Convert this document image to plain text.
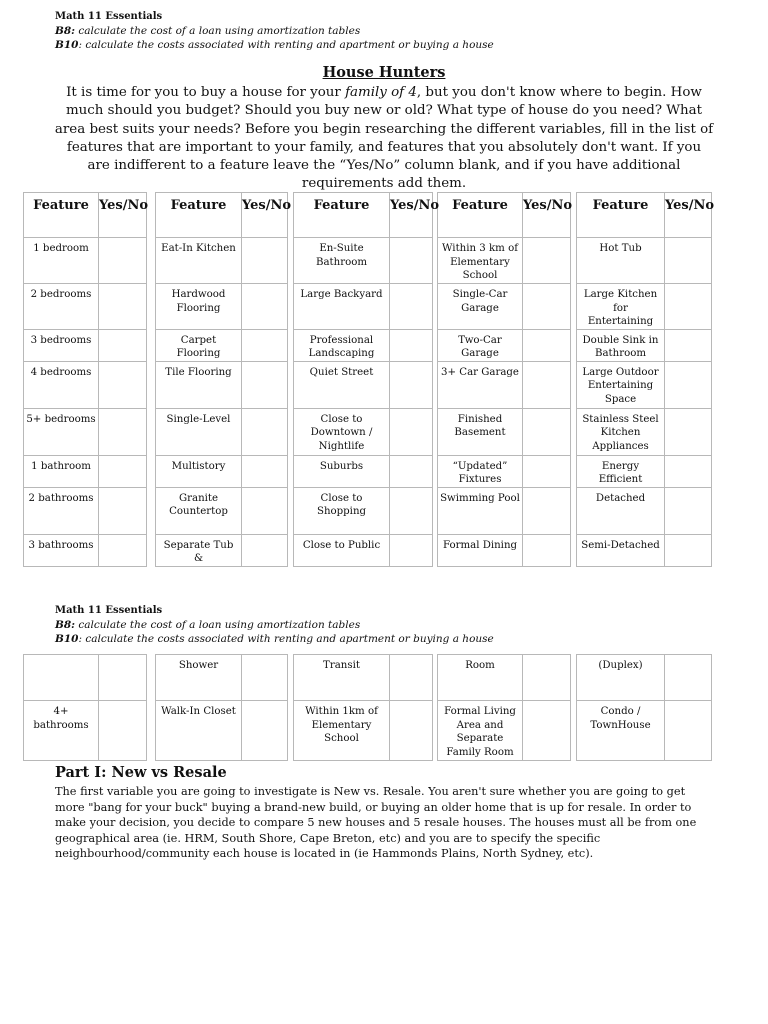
Math 11 Essentials
B8: calculate the cost of a loan using amortization tables
B10: calculate the costs associated with renting and apartment or buying a house
House Hunters
It is time for you to buy a house for your family of 4, but you don't know where to begin. How much should you budget? Should you buy new or old? What type of house do you need? What area best suits your needs? Before you begin researching the different variables, fill in the list of features that are important to your family, and features that you absolutely don't want. If you are indifferent to a feature leave the “Yes/No” column blank, and if you have additional requirements add them.
Feature	Yes/No		Feature	Yes/No		Feature	Yes/No		Feature	Yes/No		Feature	Yes/No
1 bedroom			Eat-In Kitchen			En-Suite Bathroom			Within 3 km of Elementary School			Hot Tub	
2 bedrooms			Hardwood Flooring			Large Backyard			Single-Car Garage			Large Kitchen for Entertaining	
3 bedrooms			Carpet Flooring			Professional Landscaping			Two-Car Garage			Double Sink in Bathroom	
4 bedrooms			Tile Flooring			Quiet Street			3+ Car Garage			Large Outdoor Entertaining Space	
5+ bedrooms			Single-Level			Close to Downtown / Nightlife			Finished Basement			Stainless Steel Kitchen Appliances	
1 bathroom			Multistory			Suburbs			“Updated” Fixtures			Energy Efficient	
2 bathrooms			Granite Countertop			Close to Shopping			Swimming Pool			Detached	
3 bathrooms			Separate Tub &			Close to Public			Formal Dining			Semi-Detached	
Math 11 Essentials
B8: calculate the cost of a loan using amortization tables
B10: calculate the costs associated with renting and apartment or buying a house
			Shower			Transit			Room			(Duplex)	
4+ bathrooms			Walk-In Closet			Within 1km of Elementary School			Formal Living Area and Separate Family Room			Condo / TownHouse	
Part I: New vs Resale
The first variable you are going to investigate is New vs. Resale. You aren't sure whether you are going to get more "bang for your buck" buying a brand-new build, or buying an older home that is up for resale. In order to make your decision, you decide to compare 5 new houses and 5 resale houses. The houses must all be from one geographical area (ie. HRM, South Shore, Cape Breton, etc) and you are to specify the specific neighbourhood/community each house is located in (ie Hammonds Plains, North Sydney, etc).
